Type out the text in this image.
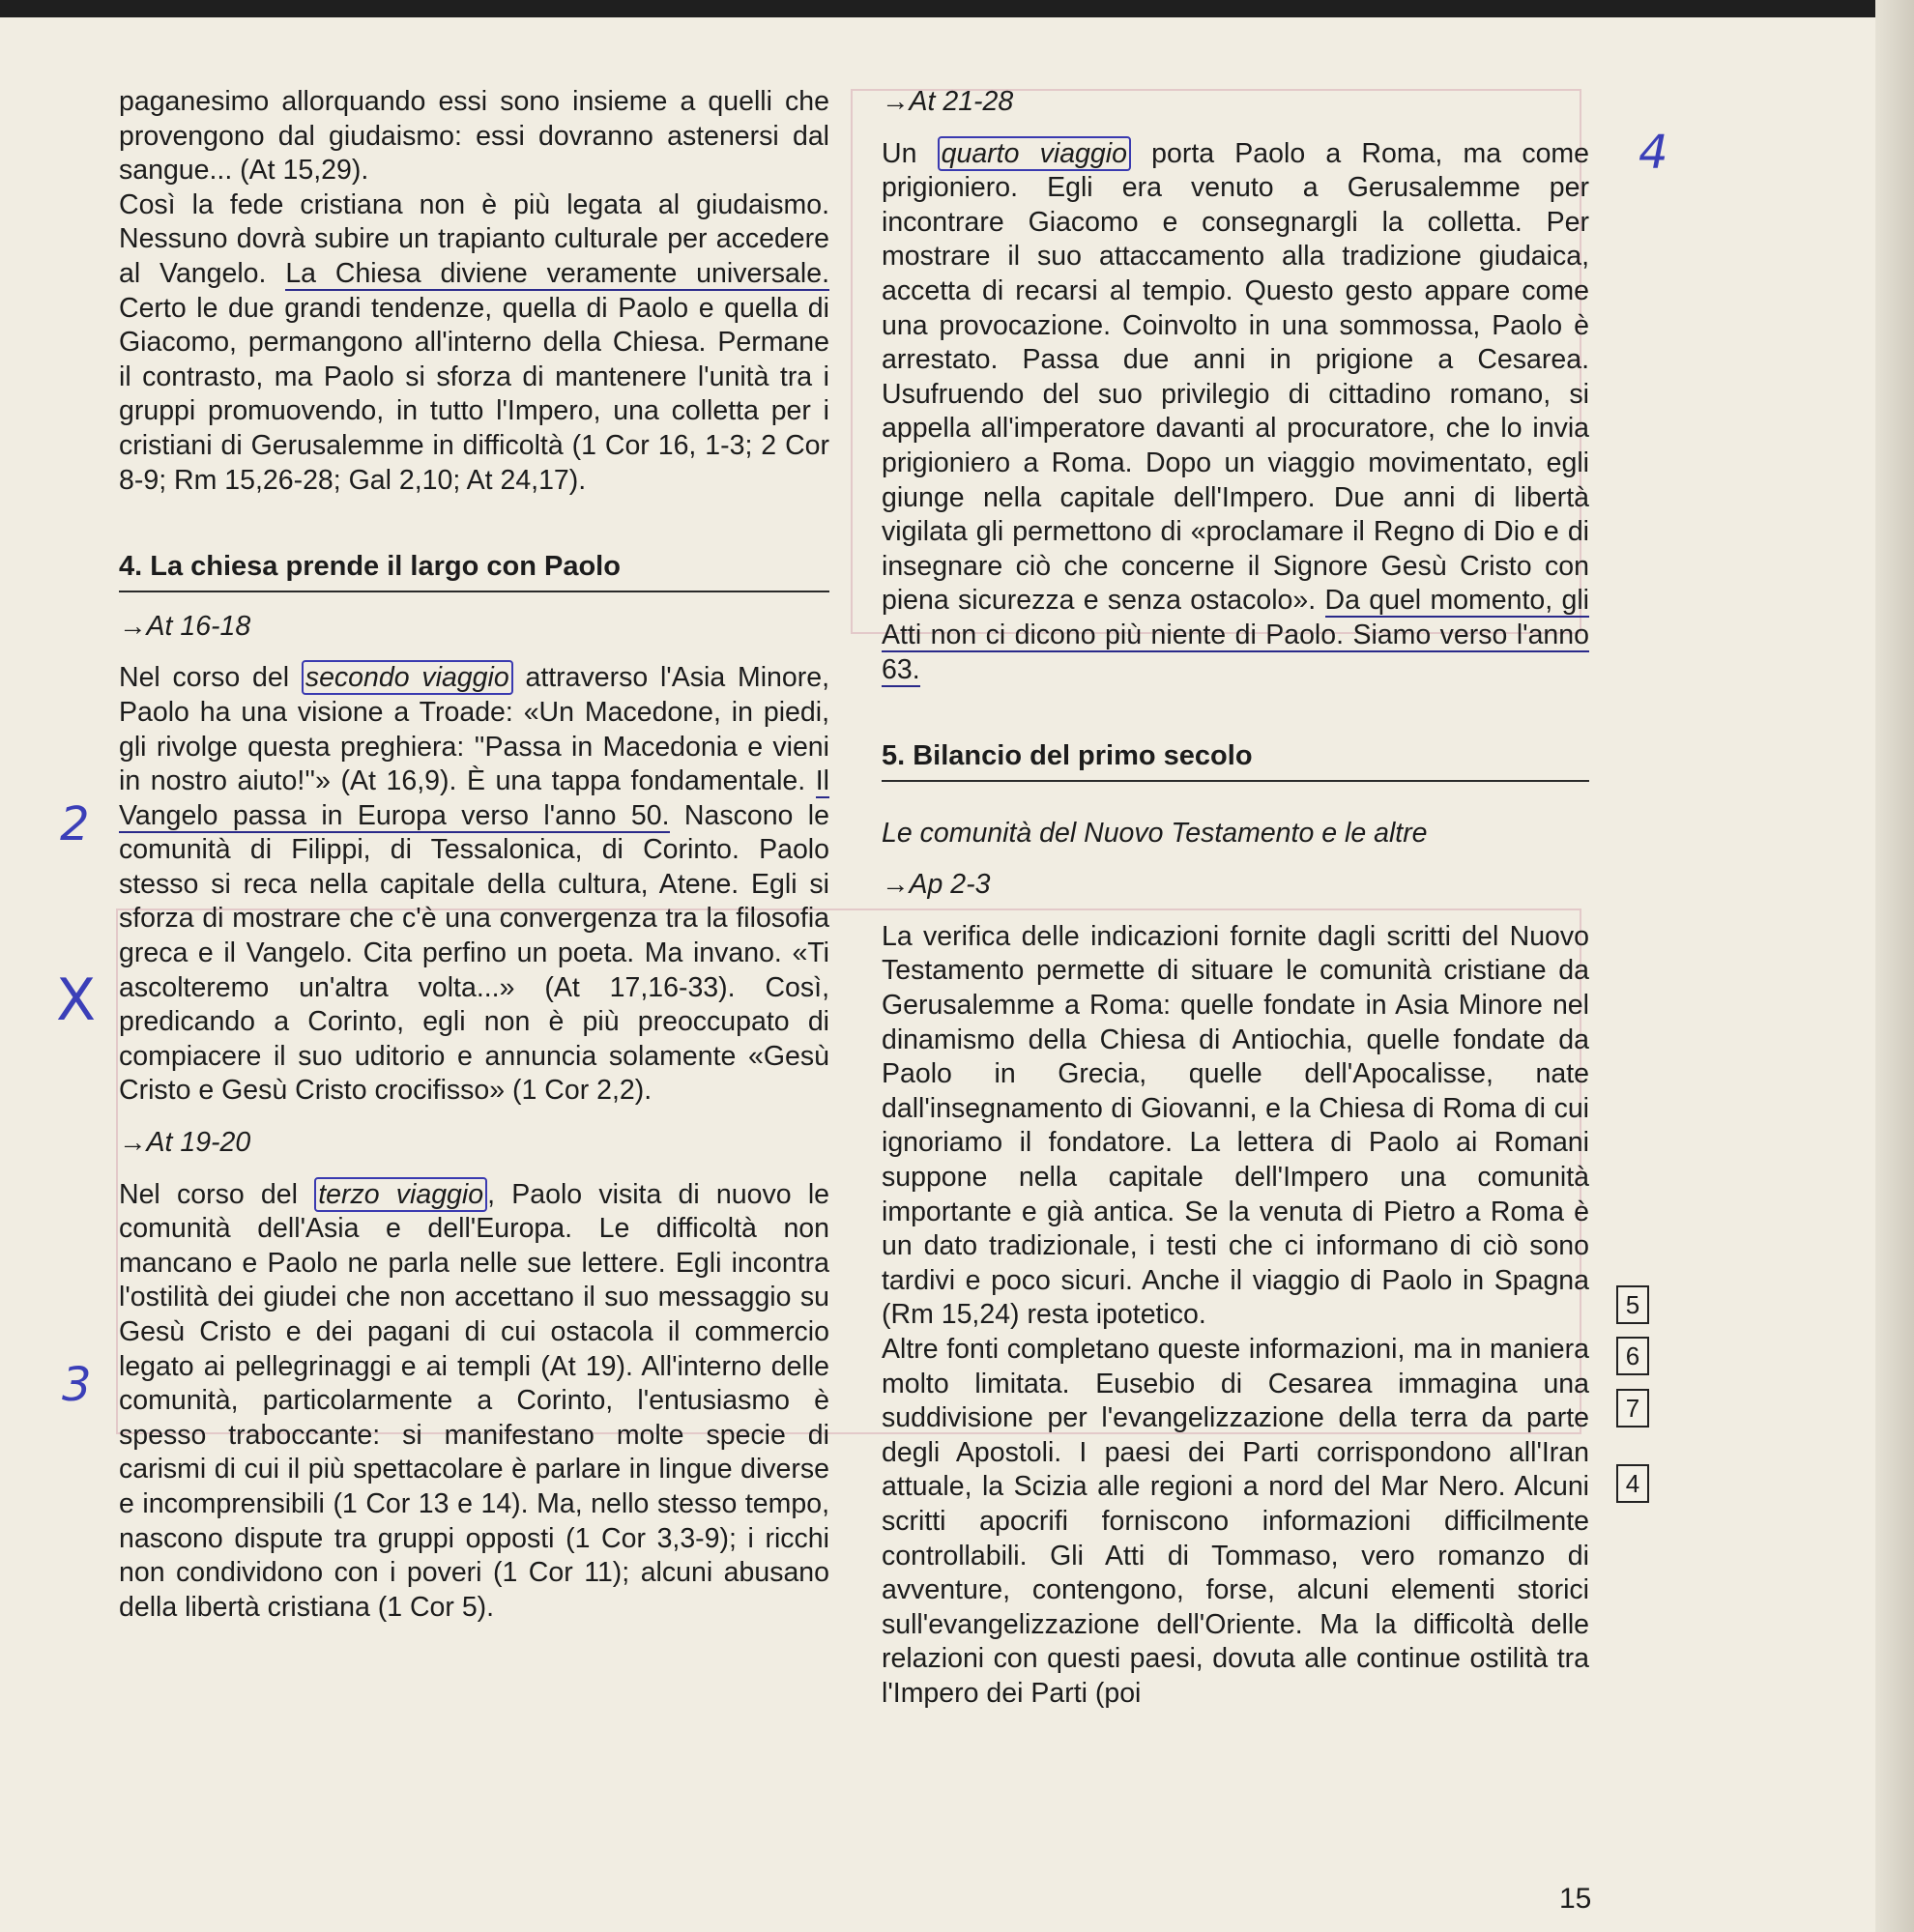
paganesimo allorquando essi sono insieme a quelli che provengono dal giudaismo: essi dovranno astenersi dal sangue... (At 15,29).

Così la fede cristiana non è più legata al giudaismo. Nessuno dovrà subire un trapianto culturale per accedere al Vangelo. La Chiesa diviene veramente universale. Certo le due grandi tendenze, quella di Paolo e quella di Giacomo, permangono all'interno della Chiesa. Permane il contrasto, ma Paolo si sforza di mantenere l'unità tra i gruppi promuovendo, in tutto l'Impero, una colletta per i cristiani di Gerusalemme in difficoltà (1 Cor 16, 1-3; 2 Cor 8-9; Rm 15,26-28; Gal 2,10; At 24,17).

4. La chiesa prende il largo con Paolo

→At 16-18

Nel corso del secondo viaggio attraverso l'Asia Minore, Paolo ha una visione a Troade: «Un Macedone, in piedi, gli rivolge questa preghiera: ''Passa in Macedonia e vieni in nostro aiuto!''» (At 16,9). È una tappa fondamentale. Il Vangelo passa in Europa verso l'anno 50. Nascono le comunità di Filippi, di Tessalonica, di Corinto. Paolo stesso si reca nella capitale della cultura, Atene. Egli si sforza di mostrare che c'è una convergenza tra la filosofia greca e il Vangelo. Cita perfino un poeta. Ma invano. «Ti ascolteremo un'altra volta...» (At 17,16-33). Così, predicando a Corinto, egli non è più preoccupato di compiacere il suo uditorio e annuncia solamente «Gesù Cristo e Gesù Cristo crocifisso» (1 Cor 2,2).

→At 19-20

Nel corso del terzo viaggio , Paolo visita di nuovo le comunità dell'Asia e dell'Europa. Le difficoltà non mancano e Paolo ne parla nelle sue lettere. Egli incontra l'ostilità dei giudei che non accettano il suo messaggio su Gesù Cristo e dei pagani di cui ostacola il commercio legato ai pellegrinaggi e ai templi (At 19). All'interno delle comunità, particolarmente a Corinto, l'entusiasmo è spesso traboccante: si manifestano molte specie di carismi di cui il più spettacolare è parlare in lingue diverse e incomprensibili (1 Cor 13 e 14). Ma, nello stesso tempo, nascono dispute tra gruppi opposti (1 Cor 3,3-9); i ricchi non condividono con i poveri (1 Cor 11); alcuni abusano della libertà cristiana (1 Cor 5).

→At 21-28

Un quarto viaggio porta Paolo a Roma, ma come prigioniero. Egli era venuto a Gerusalemme per incontrare Giacomo e consegnargli la colletta. Per mostrare il suo attaccamento alla tradizione giudaica, accetta di recarsi al tempio. Questo gesto appare come una provocazione. Coinvolto in una sommossa, Paolo è arrestato. Passa due anni in prigione a Cesarea. Usufruendo del suo privilegio di cittadino romano, si appella all'imperatore davanti al procuratore, che lo invia prigioniero a Roma. Dopo un viaggio movimentato, egli giunge nella capitale dell'Impero. Due anni di libertà vigilata gli permettono di «proclamare il Regno di Dio e di insegnare ciò che concerne il Signore Gesù Cristo con piena sicurezza e senza ostacolo». Da quel momento, gli Atti non ci dicono più niente di Paolo. Siamo verso l'anno 63.

5. Bilancio del primo secolo

Le comunità del Nuovo Testamento e le altre

→Ap 2-3

La verifica delle indicazioni fornite dagli scritti del Nuovo Testamento permette di situare le comunità cristiane da Gerusalemme a Roma: quelle fondate in Asia Minore nel dinamismo della Chiesa di Antiochia, quelle fondate da Paolo in Grecia, quelle dell'Apocalisse, nate dall'insegnamento di Giovanni, e la Chiesa di Roma di cui ignoriamo il fondatore. La lettera di Paolo ai Romani suppone nella capitale dell'Impero una comunità importante e già antica. Se la venuta di Pietro a Roma è un dato tradizionale, i testi che ci informano di ciò sono tardivi e poco sicuri. Anche il viaggio di Paolo in Spagna (Rm 15,24) resta ipotetico.

Altre fonti completano queste informazioni, ma in maniera molto limitata. Eusebio di Cesarea immagina una suddivisione per l'evangelizzazione della terra da parte degli Apostoli. I paesi dei Parti corrispondono all'Iran attuale, la Scizia alle regioni a nord del Mar Nero. Alcuni scritti apocrifi forniscono informazioni difficilmente controllabili. Gli Atti di Tommaso, vero romanzo di avventure, contengono, forse, alcuni elementi storici sull'evangelizzazione dell'Oriente. Ma la difficoltà delle relazioni con questi paesi, dovuta alle continue ostilità tra l'Impero dei Parti (poi

5
6
7
4
4
2
X
3
15
